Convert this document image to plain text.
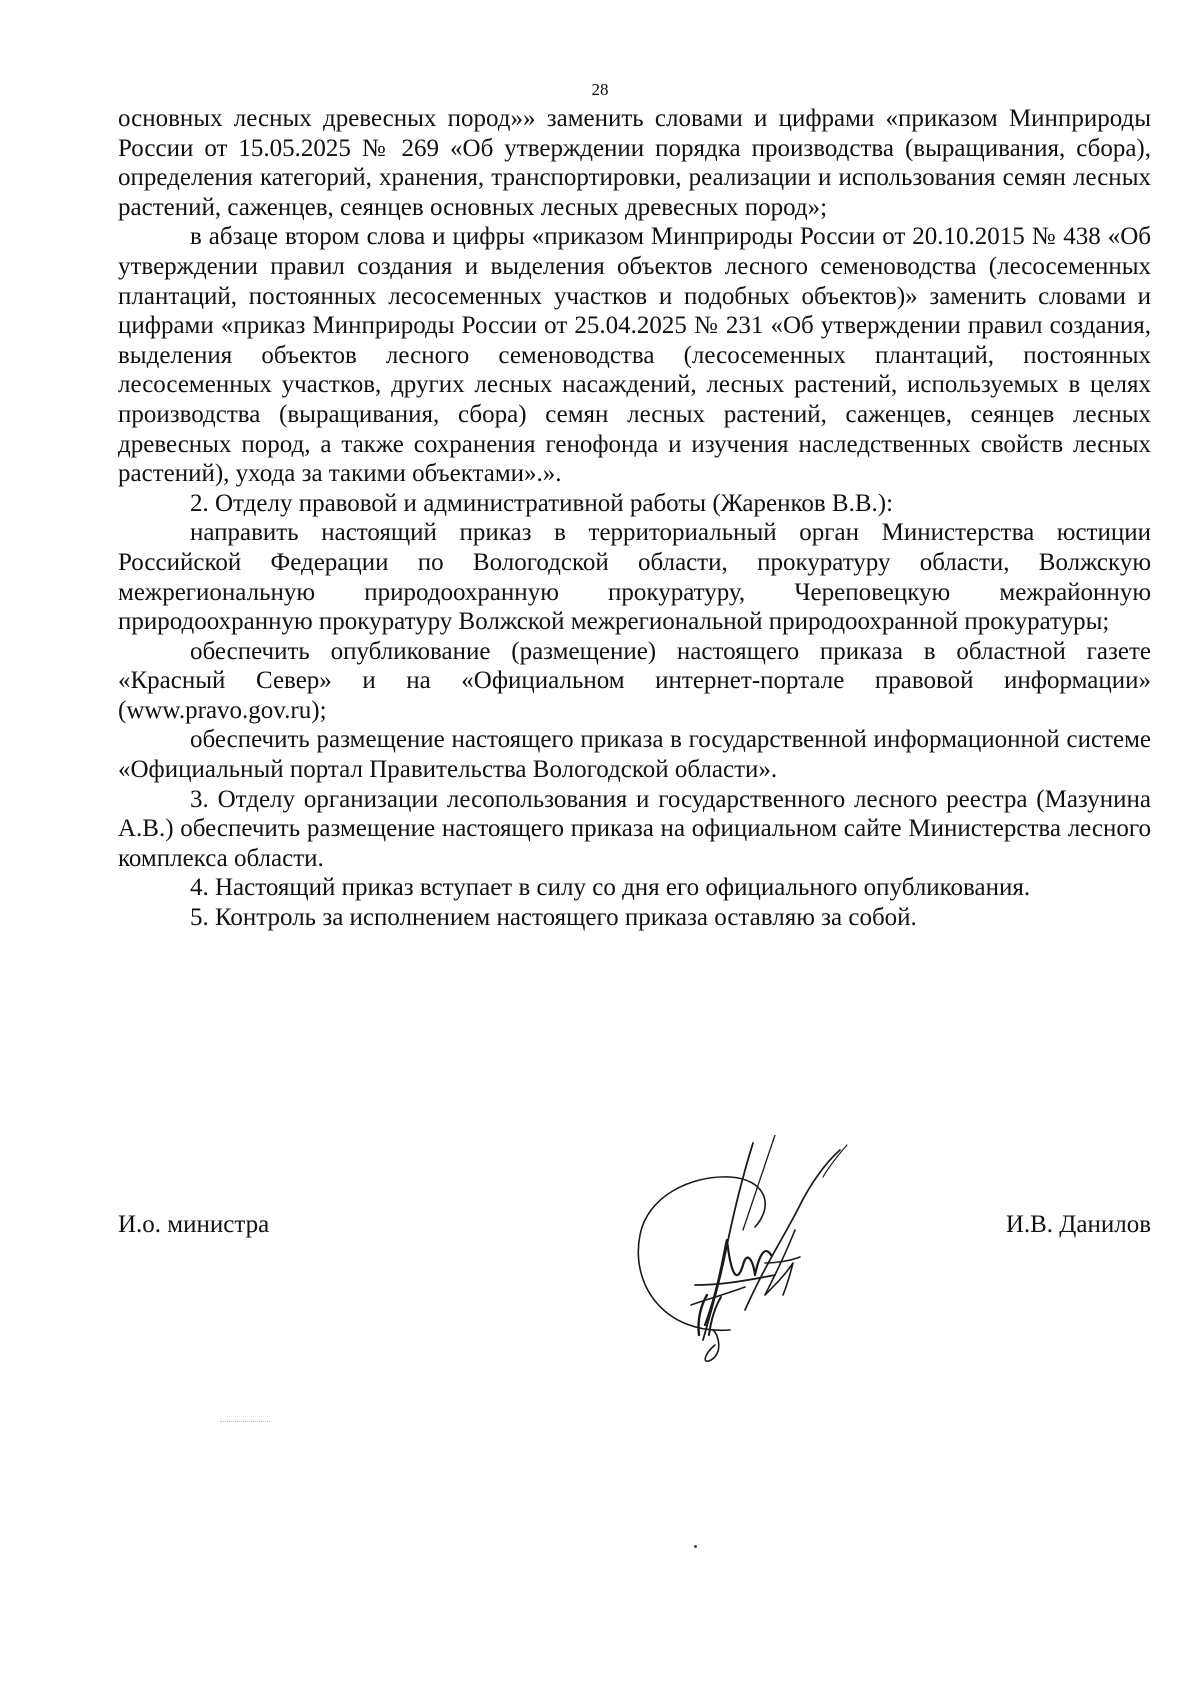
28

основных лесных древесных пород»» заменить словами и цифрами «приказом Минприроды России от 15.05.2025 № 269 «Об утверждении порядка производства (выращивания, сбора), определения категорий, хранения, транспортировки, реализации и использования семян лесных растений, саженцев, сеянцев основных лесных древесных пород»;

в абзаце втором слова и цифры «приказом Минприроды России от 20.10.2015 № 438 «Об утверждении правил создания и выделения объектов лесного семеноводства (лесосеменных плантаций, постоянных лесосеменных участков и подобных объектов)» заменить словами и цифрами «приказ Минприроды России от 25.04.2025 № 231 «Об утверждении правил создания, выделения объектов лесного семеноводства (лесосеменных плантаций, постоянных лесосеменных участков, других лесных насаждений, лесных растений, используемых в целях производства (выращивания, сбора) семян лесных растений, саженцев, сеянцев лесных древесных пород, а также сохранения генофонда и изучения наследственных свойств лесных растений), ухода за такими объектами».».

2. Отделу правовой и административной работы (Жаренков В.В.):

направить настоящий приказ в территориальный орган Министерства юстиции Российской Федерации по Вологодской области, прокуратуру области, Волжскую межрегиональную природоохранную прокуратуру, Череповецкую межрайонную природоохранную прокуратуру Волжской межрегиональной природоохранной прокуратуры;

обеспечить опубликование (размещение) настоящего приказа в областной газете «Красный Север» и на «Официальном интернет-портале правовой информации» (www.pravo.gov.ru);

обеспечить размещение настоящего приказа в государственной информационной системе «Официальный портал Правительства Вологодской области».

3. Отделу организации лесопользования и государственного лесного реестра (Мазунина А.В.) обеспечить размещение настоящего приказа на официальном сайте Министерства лесного комплекса области.

4. Настоящий приказ вступает в силу со дня его официального опубликования.

5. Контроль за исполнением настоящего приказа оставляю за собой.

И.о. министра	И.В. Данилов
